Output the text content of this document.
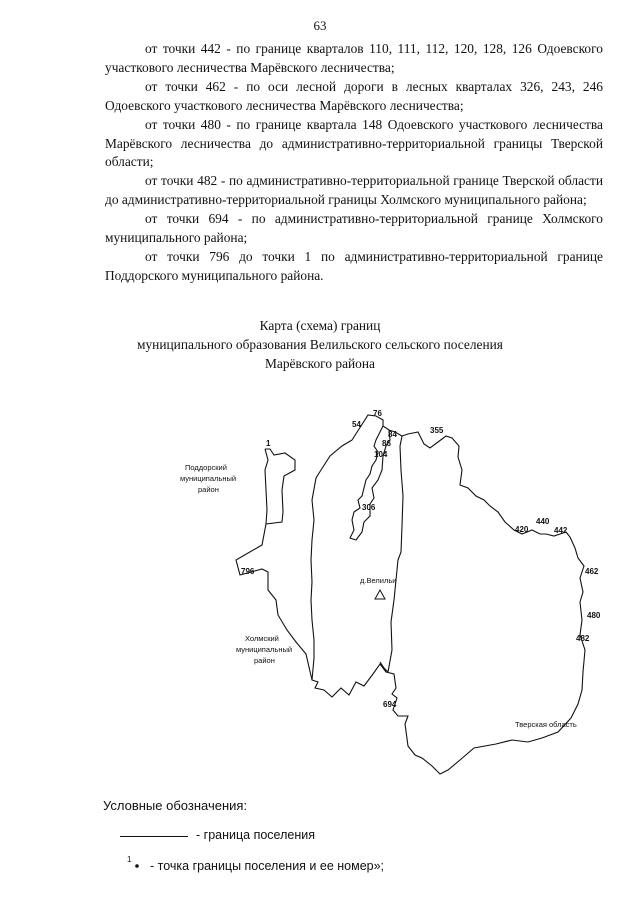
63

от точки 442 - по границе кварталов 110, 111, 112, 120, 128, 126 Одоевского участкового лесничества Марёвского лесничества;

от точки 462 - по оси лесной дороги в лесных кварталах 326, 243, 246 Одоевского участкового лесничества Марёвского лесничества;

от точки 480 - по границе квартала 148 Одоевского участкового лесничества Марёвского лесничества до административно-территориальной границы Тверской области;

от точки 482 - по административно-территориальной границе Тверской области до административно-территориальной границы Холмского муниципального района;

от точки 694 - по административно-территориальной границе Холмского муниципального района;

от точки 796 до точки 1 по административно-территориальной границе Поддорского муниципального района.

Карта (схема) границ
муниципального образования Велильского сельского поселения
Марёвского района
1
54
76
84
86
104
306
355
420
440
442
462
480
482
694
796
Поддорский
муниципальный
район
Холмский
муниципальный
район
Тверская область
д.Велильи
1
Условные обозначения:
- граница поселения
- точка границы поселения и ее номер»;
